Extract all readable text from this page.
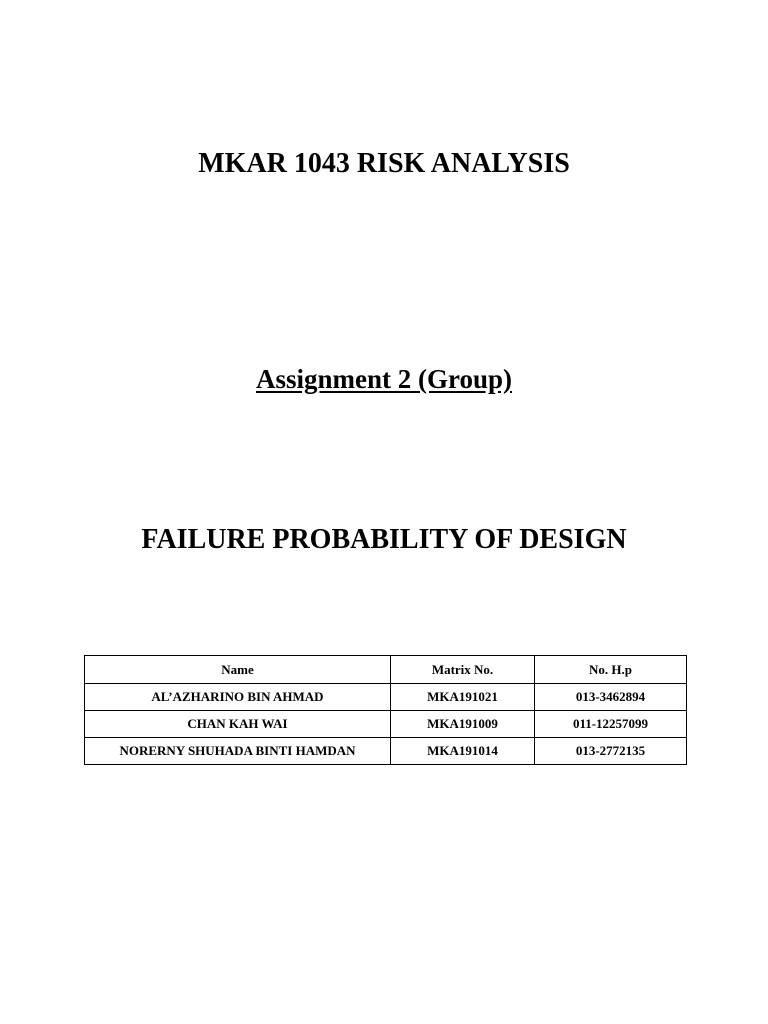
MKAR 1043 RISK ANALYSIS
Assignment 2 (Group)
FAILURE PROBABILITY OF DESIGN
Name	Matrix No.	No. H.p
AL’AZHARINO BIN AHMAD	MKA191021	013-3462894
CHAN KAH WAI	MKA191009	011-12257099
NORERNY SHUHADA BINTI HAMDAN	MKA191014	013-2772135
